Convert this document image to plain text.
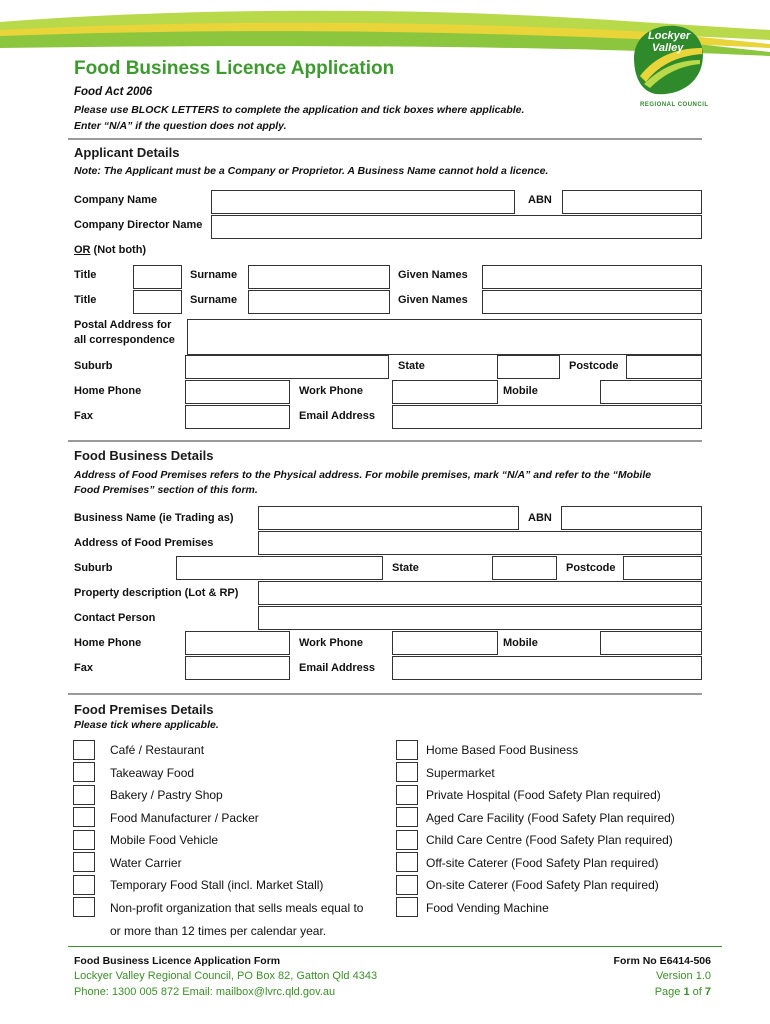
Lockyer
Valley
REGIONAL COUNCIL
Food Business Licence Application
Food Act 2006
Please use BLOCK LETTERS to complete the application and tick boxes where applicable.
Enter “N/A” if the question does not apply.
Applicant Details
Note: The Applicant must be a Company or Proprietor. A Business Name cannot hold a licence.
Company Name	ABN
Company Director Name
OR (Not both)
Title	Surname	Given Names
Title	Surname	Given Names
Postal Address for
all correspondence
Suburb	State	Postcode
Home Phone	Work Phone	Mobile
Fax	Email Address
Food Business Details
Address of Food Premises refers to the Physical address. For mobile premises, mark “N/A” and refer to the “Mobile
Food Premises” section of this form.
Business Name (ie Trading as)	ABN
Address of Food Premises
Suburb	State	Postcode
Property description (Lot & RP)
Contact Person
Home Phone	Work Phone	Mobile
Fax	Email Address
Food Premises Details
Please tick where applicable.
Café / Restaurant
Takeaway Food
Bakery / Pastry Shop
Food Manufacturer / Packer
Mobile Food Vehicle
Water Carrier
Temporary Food Stall (incl. Market Stall)
Non-profit organization that sells meals equal to
or more than 12 times per calendar year.
Home Based Food Business
Supermarket
Private Hospital (Food Safety Plan required)
Aged Care Facility (Food Safety Plan required)
Child Care Centre (Food Safety Plan required)
Off-site Caterer (Food Safety Plan required)
On-site Caterer (Food Safety Plan required)
Food Vending Machine
Food Business Licence Application Form
Lockyer Valley Regional Council, PO Box 82, Gatton Qld 4343
Phone: 1300 005 872 Email: mailbox@lvrc.qld.gov.au
Form No E6414-506
Version 1.0
Page 1 of 7
